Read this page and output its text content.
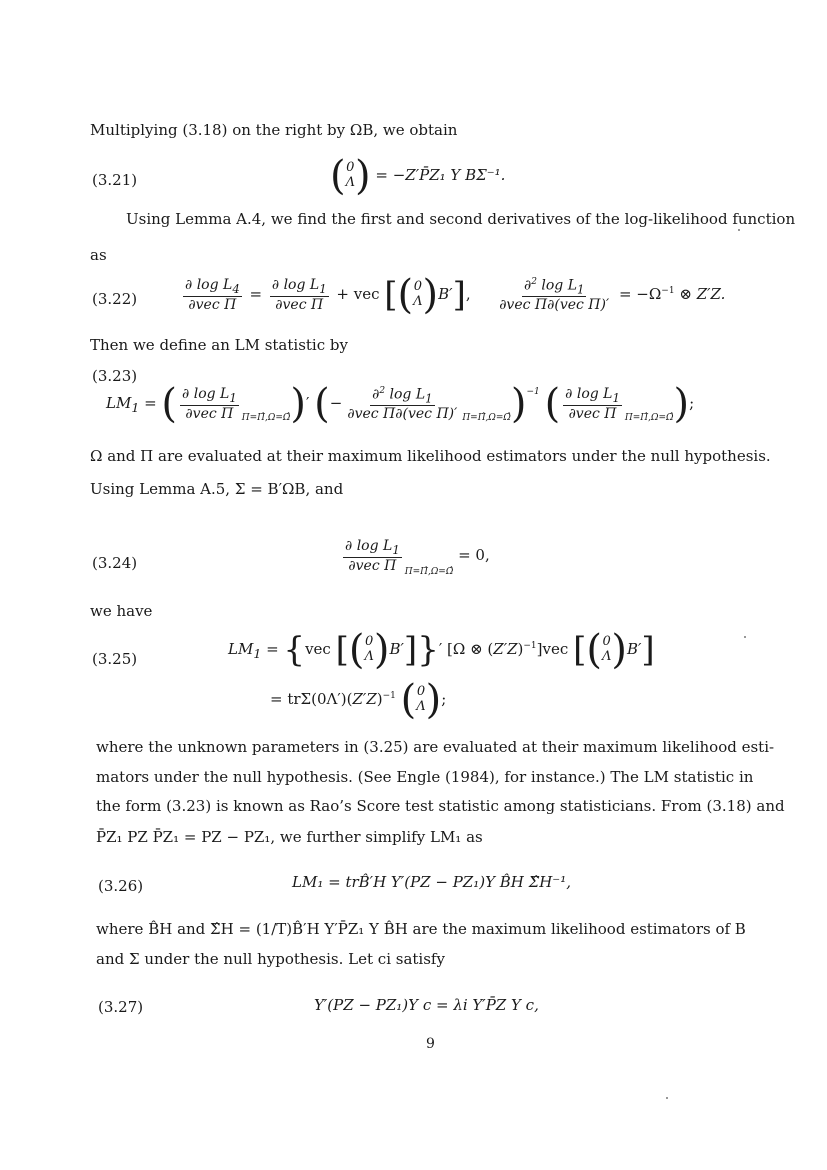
Multiplying (3.18) on the right by ΩB, we obtain
(3.21)	( 0
Λ ) = −Z′P̄Z₁ Y BΣ⁻¹.
Using Lemma A.4, we find the first and second derivatives of the log-likelihood function
as
(3.22)	$\frac{\partial \log L_4}{\text{∂vec Π}} = \frac{\partial \log L_1}{\text{∂vec Π}}$ + vec [( 0
Λ )B′], $\frac{\partial^2 \log L_1}{\text{∂vec Π∂(vec Π)′}} = -\Omega^{-1}$ ⊗ Z′Z.
Then we define an LM statistic by
(3.23)
$LM_1$ = ( $\frac{\partial \log L_1}{\text{∂vec Π}} _{\Pi=\Pî,\Omega=\Omegâ})'$ (− $\frac{\partial^2 \log L_1}{\text{∂vec Π∂(vec Π)′}} _{\Pi=\Pî,\Omega=\Omegâ})^{-1}$ ( $\frac{\partial \log L_1}{\text{∂vec Π}} _{\Pi=\Pî,\Omega=\Omegâ}$);
Ω and Π are evaluated at their maximum likelihood estimators under the null hypothesis.
Using Lemma A.5, Σ = B′ΩB, and
(3.24)	$\frac{\partial \log L_1}{\text{∂vec Π}} _{\Pi=\Pî,\Omega=\Omegâ} = 0$,
we have
(3.25)
$LM_1 = \{vec$ [( 0
Λ )B′]}′ [Ω ⊗ $(Z'Z)^{-1}]vec$ [( 0
Λ )B′]
= $tr\Sigma(0\Lambda')(Z'Z)^{-1}$ ( 0
Λ );
where the unknown parameters in (3.25) are evaluated at their maximum likelihood esti-
mators under the null hypothesis. (See Engle (1984), for instance.) The LM statistic in
the form (3.23) is known as Rao’s Score test statistic among statisticians. From (3.18) and
P̄Z₁ PZ P̄Z₁ = PZ − PZ₁, we further simplify LM₁ as
(3.26)	LM₁ = trB̂′H Y′(PZ − PZ₁)Y B̂H Σ̂H⁻¹,
where B̂H and Σ̂H = (1/T)B̂′H Y′P̄Z₁ Y B̂H are the maximum likelihood estimators of B
and Σ under the null hypothesis. Let ci satisfy
(3.27)	Y′(PZ − PZ₁)Y c = λi Y′P̄Z Y c,
9
